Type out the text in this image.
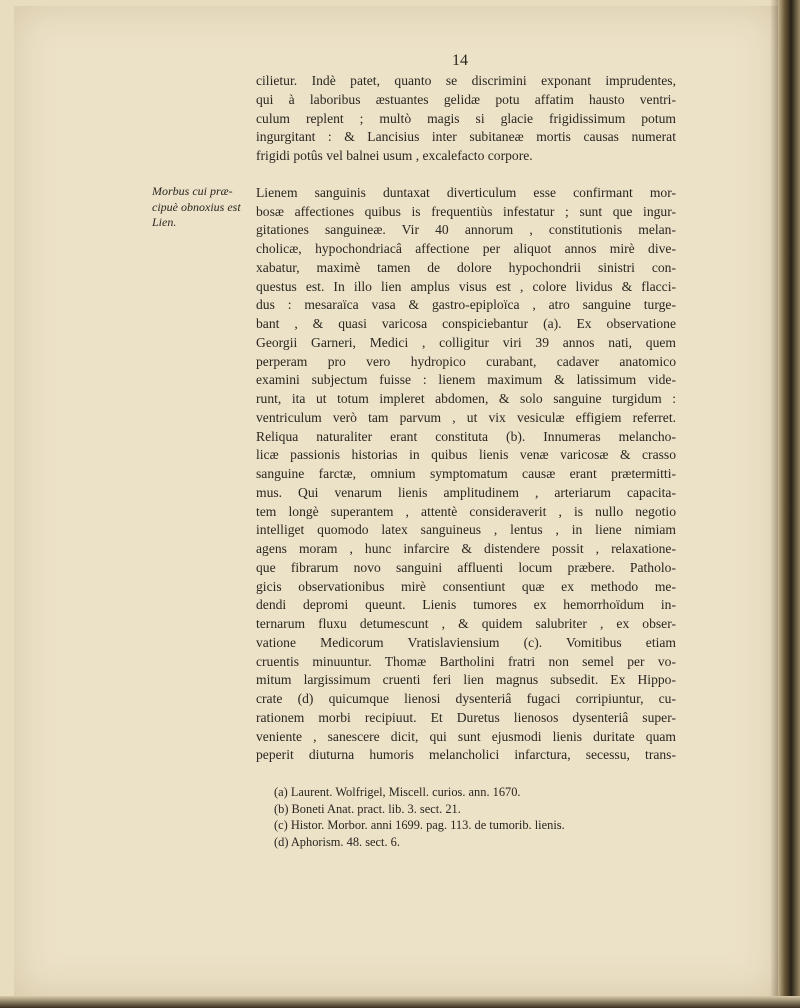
14
Morbus cui præ-
cipuè obnoxius est
Lien.
cilietur. Indè patet, quanto se discrimini exponant imprudentes,
qui à laboribus æstuantes gelidæ potu affatim hausto ventri-
culum replent ; multò magis si glacie frigidissimum potum
ingurgitant : & Lancisius inter subitaneæ mortis causas numerat
frigidi potûs vel balnei usum , excalefacto corpore.
Lienem sanguinis duntaxat diverticulum esse confirmant mor-
bosæ affectiones quibus is frequentiùs infestatur ; sunt que ingur-
gitationes sanguineæ. Vir 40 annorum , constitutionis melan-
cholicæ, hypochondriacâ affectione per aliquot annos mirè dive-
xabatur, maximè tamen de dolore hypochondrii sinistri con-
questus est. In illo lien amplus visus est , colore lividus & flacci-
dus : mesaraïca vasa & gastro-epiploïca , atro sanguine turge-
bant , & quasi varicosa conspiciebantur (a). Ex observatione
Georgii Garneri, Medici , colligitur viri 39 annos nati, quem
perperam pro vero hydropico curabant, cadaver anatomico
examini subjectum fuisse : lienem maximum & latissimum vide-
runt, ita ut totum impleret abdomen, & solo sanguine turgidum :
ventriculum verò tam parvum , ut vix vesiculæ effigiem referret.
Reliqua naturaliter erant constituta (b). Innumeras melancho-
licæ passionis historias in quibus lienis venæ varicosæ & crasso
sanguine farctæ, omnium symptomatum causæ erant prætermitti-
mus. Qui venarum lienis amplitudinem , arteriarum capacita-
tem longè superantem , attentè consideraverit , is nullo negotio
intelliget quomodo latex sanguineus , lentus , in liene nimiam
agens moram , hunc infarcire & distendere possit , relaxatione-
que fibrarum novo sanguini affluenti locum præbere. Patholo-
gicis observationibus mirè consentiunt quæ ex methodo me-
dendi depromi queunt. Lienis tumores ex hemorrhoïdum in-
ternarum fluxu detumescunt , & quidem salubriter , ex obser-
vatione Medicorum Vratislaviensium (c). Vomitibus etiam
cruentis minuuntur. Thomæ Bartholini fratri non semel per vo-
mitum largissimum cruenti feri lien magnus subsedit. Ex Hippo-
crate (d) quicumque lienosi dysenteriâ fugaci corripiuntur, cu-
rationem morbi recipiuut. Et Duretus lienosos dysenteriâ super-
veniente , sanescere dicit, qui sunt ejusmodi lienis duritate quam
peperit diuturna humoris melancholici infarctura, secessu, trans-
(a) Laurent. Wolfrigel, Miscell. curios. ann. 1670.
(b) Boneti Anat. pract. lib. 3. sect. 21.
(c) Histor. Morbor. anni 1699. pag. 113. de tumorib. lienis.
(d) Aphorism. 48. sect. 6.
